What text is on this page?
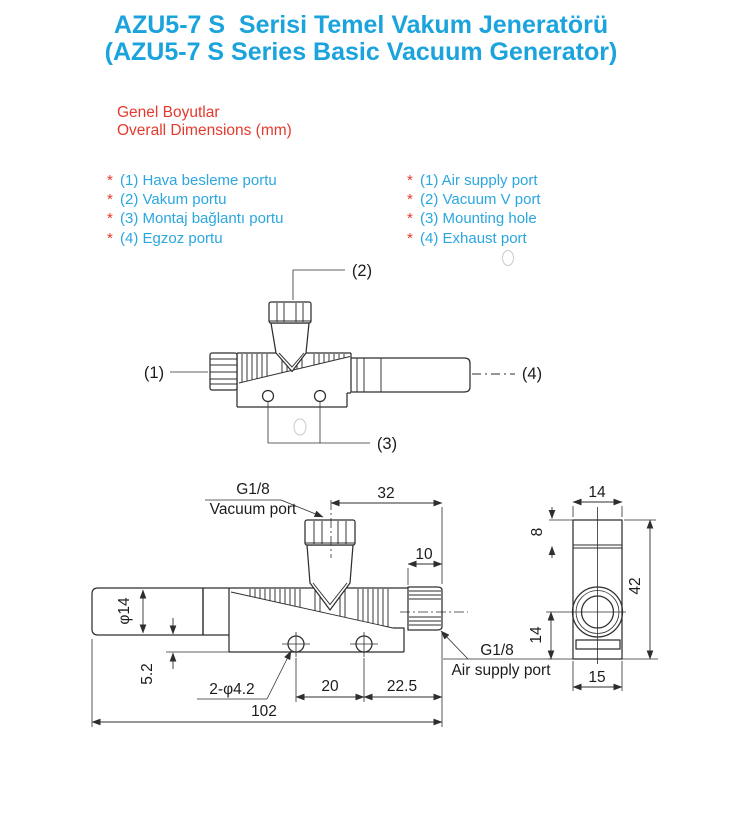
AZU5-7 S  Serisi Temel Vakum Jeneratörü
(AZU5-7 S Series Basic Vacuum Generator)
Genel Boyutlar
Overall Dimensions (mm)
* (1) Hava besleme portu
* (2) Vakum portu
* (3) Montaj bağlantı portu
* (4) Egzoz portu
* (1) Air supply port
* (2) Vacuum V port
* (3) Mounting hole
* (4) Exhaust port
(1)
(2)
(3)
(4)
G1/8
Vacuum port
32
10
G1/8
Air supply port
φ14
5.2
2-φ4.2	20	22.5
102
14
8
42
14
15
